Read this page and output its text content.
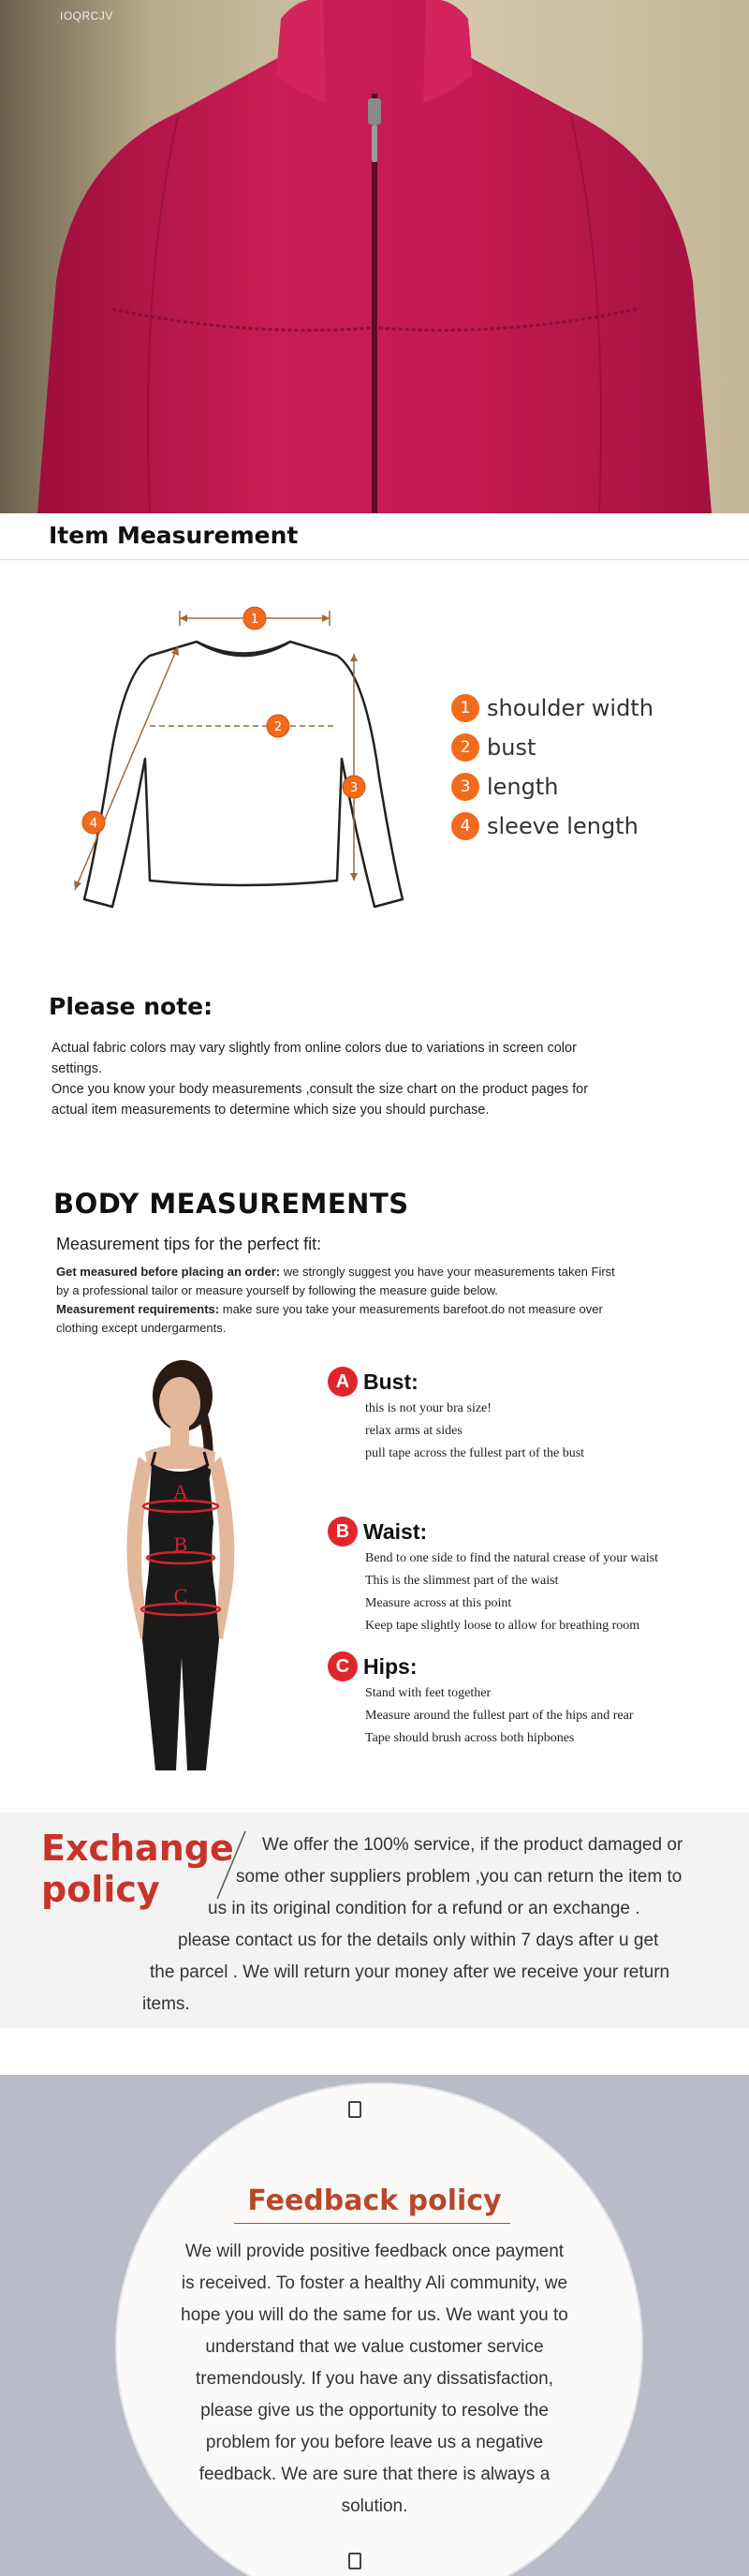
IOQRCJV
Item Measurement
1
2
3
4
1 shoulder width
2 bust
3 length
4 sleeve length
Please note:

Actual fabric colors may vary slightly from online colors due to variations in screen color

settings.

Once you know your body measurements ,consult the size chart on the product pages for

actual item measurements to determine which size you should purchase.

BODY MEASUREMENTS
Measurement tips for the perfect fit:
Get measured before placing an order: we strongly suggest you have your measurements taken First
by a professional tailor or measure yourself by following the measure guide below.
Measurement requirements: make sure you take your measurements barefoot.do not measure over
clothing except undergarments.
A
B
C
A Bust:
this is not your bra size!
relax arms at sides
pull tape across the fullest part of the bust
B Waist:
Bend to one side to find the natural crease of your waist
This is the slimmest part of the waist
Measure across at this point
Keep tape slightly loose to allow for breathing room
C Hips:
Stand with feet together
Measure around the fullest part of the hips and rear
Tape should brush across both hipbones
Exchange
policy
We offer the 100% service, if the product damaged or
some other suppliers problem ,you can return the item to
us in its original condition for a refund or an exchange .
please contact us for the details only within 7 days after u get
the parcel . We will return your money after we receive your return
items.
Feedback policy
We will provide positive feedback once payment
is received. To foster a healthy Ali community, we
hope you will do the same for us. We want you to
understand that we value customer service
tremendously. If you have any dissatisfaction,
please give us the opportunity to resolve the
problem for you before leave us a negative
feedback. We are sure that there is always a
solution.
